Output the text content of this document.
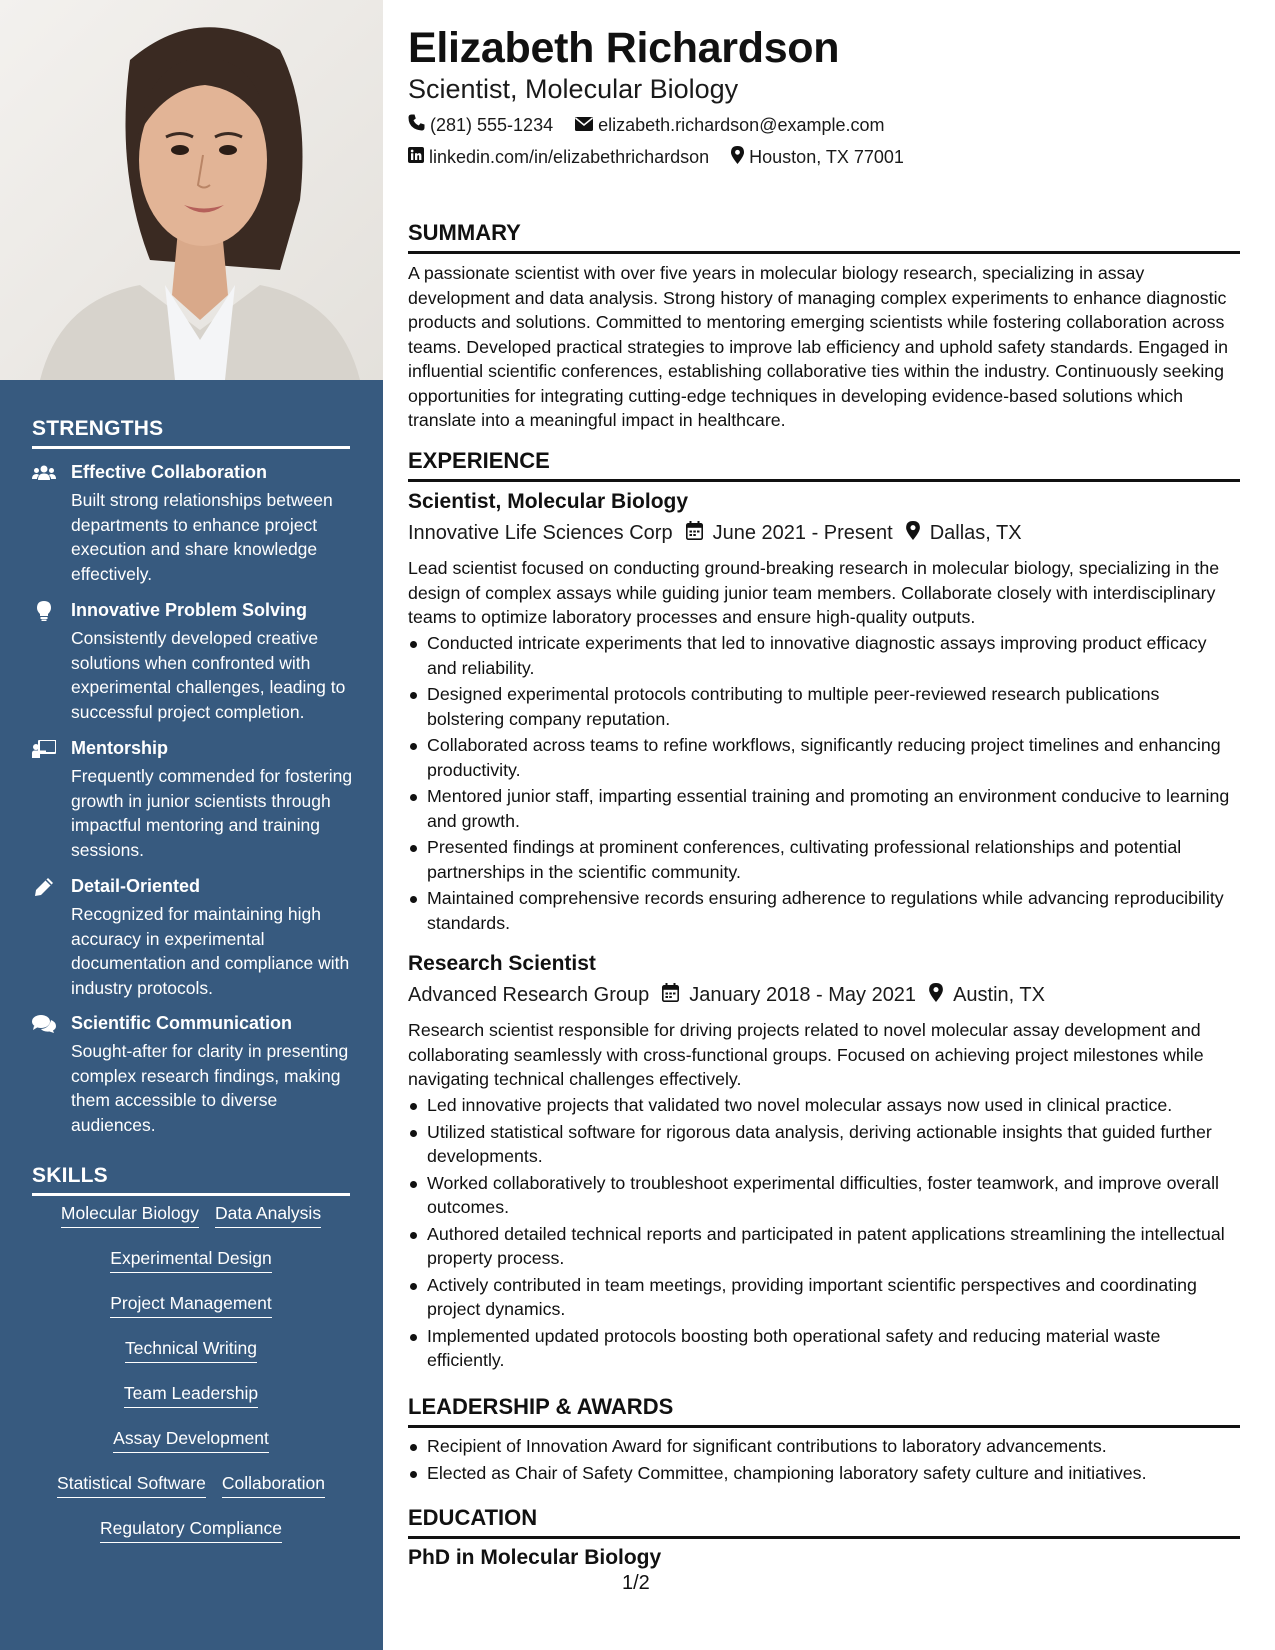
STRENGTHS
Effective Collaboration
Built strong relationships between departments to enhance project execution and share knowledge effectively.
Innovative Problem Solving
Consistently developed creative solutions when confronted with experimental challenges, leading to successful project completion.
Mentorship
Frequently commended for fostering growth in junior scientists through impactful mentoring and training sessions.
Detail-Oriented
Recognized for maintaining high accuracy in experimental documentation and compliance with industry protocols.
Scientific Communication
Sought-after for clarity in presenting complex research findings, making them accessible to diverse audiences.
SKILLS
Molecular Biology Data Analysis
Experimental Design
Project Management
Technical Writing
Team Leadership
Assay Development
Statistical Software Collaboration
Regulatory Compliance
Elizabeth Richardson
Scientist, Molecular Biology
(281) 555-1234	elizabeth.richardson@example.com
linkedin.com/in/elizabethrichardson Houston, TX 77001
SUMMARY
A passionate scientist with over five years in molecular biology research, specializing in assay development and data analysis. Strong history of managing complex experiments to enhance diagnostic products and solutions. Committed to mentoring emerging scientists while fostering collaboration across teams. Developed practical strategies to improve lab efficiency and uphold safety standards. Engaged in influential scientific conferences, establishing collaborative ties within the industry. Continuously seeking opportunities for integrating cutting-edge techniques in developing evidence-based solutions which translate into a meaningful impact in healthcare.
EXPERIENCE
Scientist, Molecular Biology
Innovative Life Sciences Corp June 2021 - Present Dallas, TX
Lead scientist focused on conducting ground-breaking research in molecular biology, specializing in the design of complex assays while guiding junior team members. Collaborate closely with interdisciplinary teams to optimize laboratory processes and ensure high-quality outputs.
Conducted intricate experiments that led to innovative diagnostic assays improving product efficacy and reliability.
Designed experimental protocols contributing to multiple peer-reviewed research publications bolstering company reputation.
Collaborated across teams to refine workflows, significantly reducing project timelines and enhancing productivity.
Mentored junior staff, imparting essential training and promoting an environment conducive to learning and growth.
Presented findings at prominent conferences, cultivating professional relationships and potential partnerships in the scientific community.
Maintained comprehensive records ensuring adherence to regulations while advancing reproducibility standards.
Research Scientist
Advanced Research Group January 2018 - May 2021 Austin, TX
Research scientist responsible for driving projects related to novel molecular assay development and collaborating seamlessly with cross-functional groups. Focused on achieving project milestones while navigating technical challenges effectively.
Led innovative projects that validated two novel molecular assays now used in clinical practice.
Utilized statistical software for rigorous data analysis, deriving actionable insights that guided further developments.
Worked collaboratively to troubleshoot experimental difficulties, foster teamwork, and improve overall outcomes.
Authored detailed technical reports and participated in patent applications streamlining the intellectual property process.
Actively contributed in team meetings, providing important scientific perspectives and coordinating project dynamics.
Implemented updated protocols boosting both operational safety and reducing material waste efficiently.
LEADERSHIP & AWARDS
Recipient of Innovation Award for significant contributions to laboratory advancements.
Elected as Chair of Safety Committee, championing laboratory safety culture and initiatives.
EDUCATION
PhD in Molecular Biology
1/2
